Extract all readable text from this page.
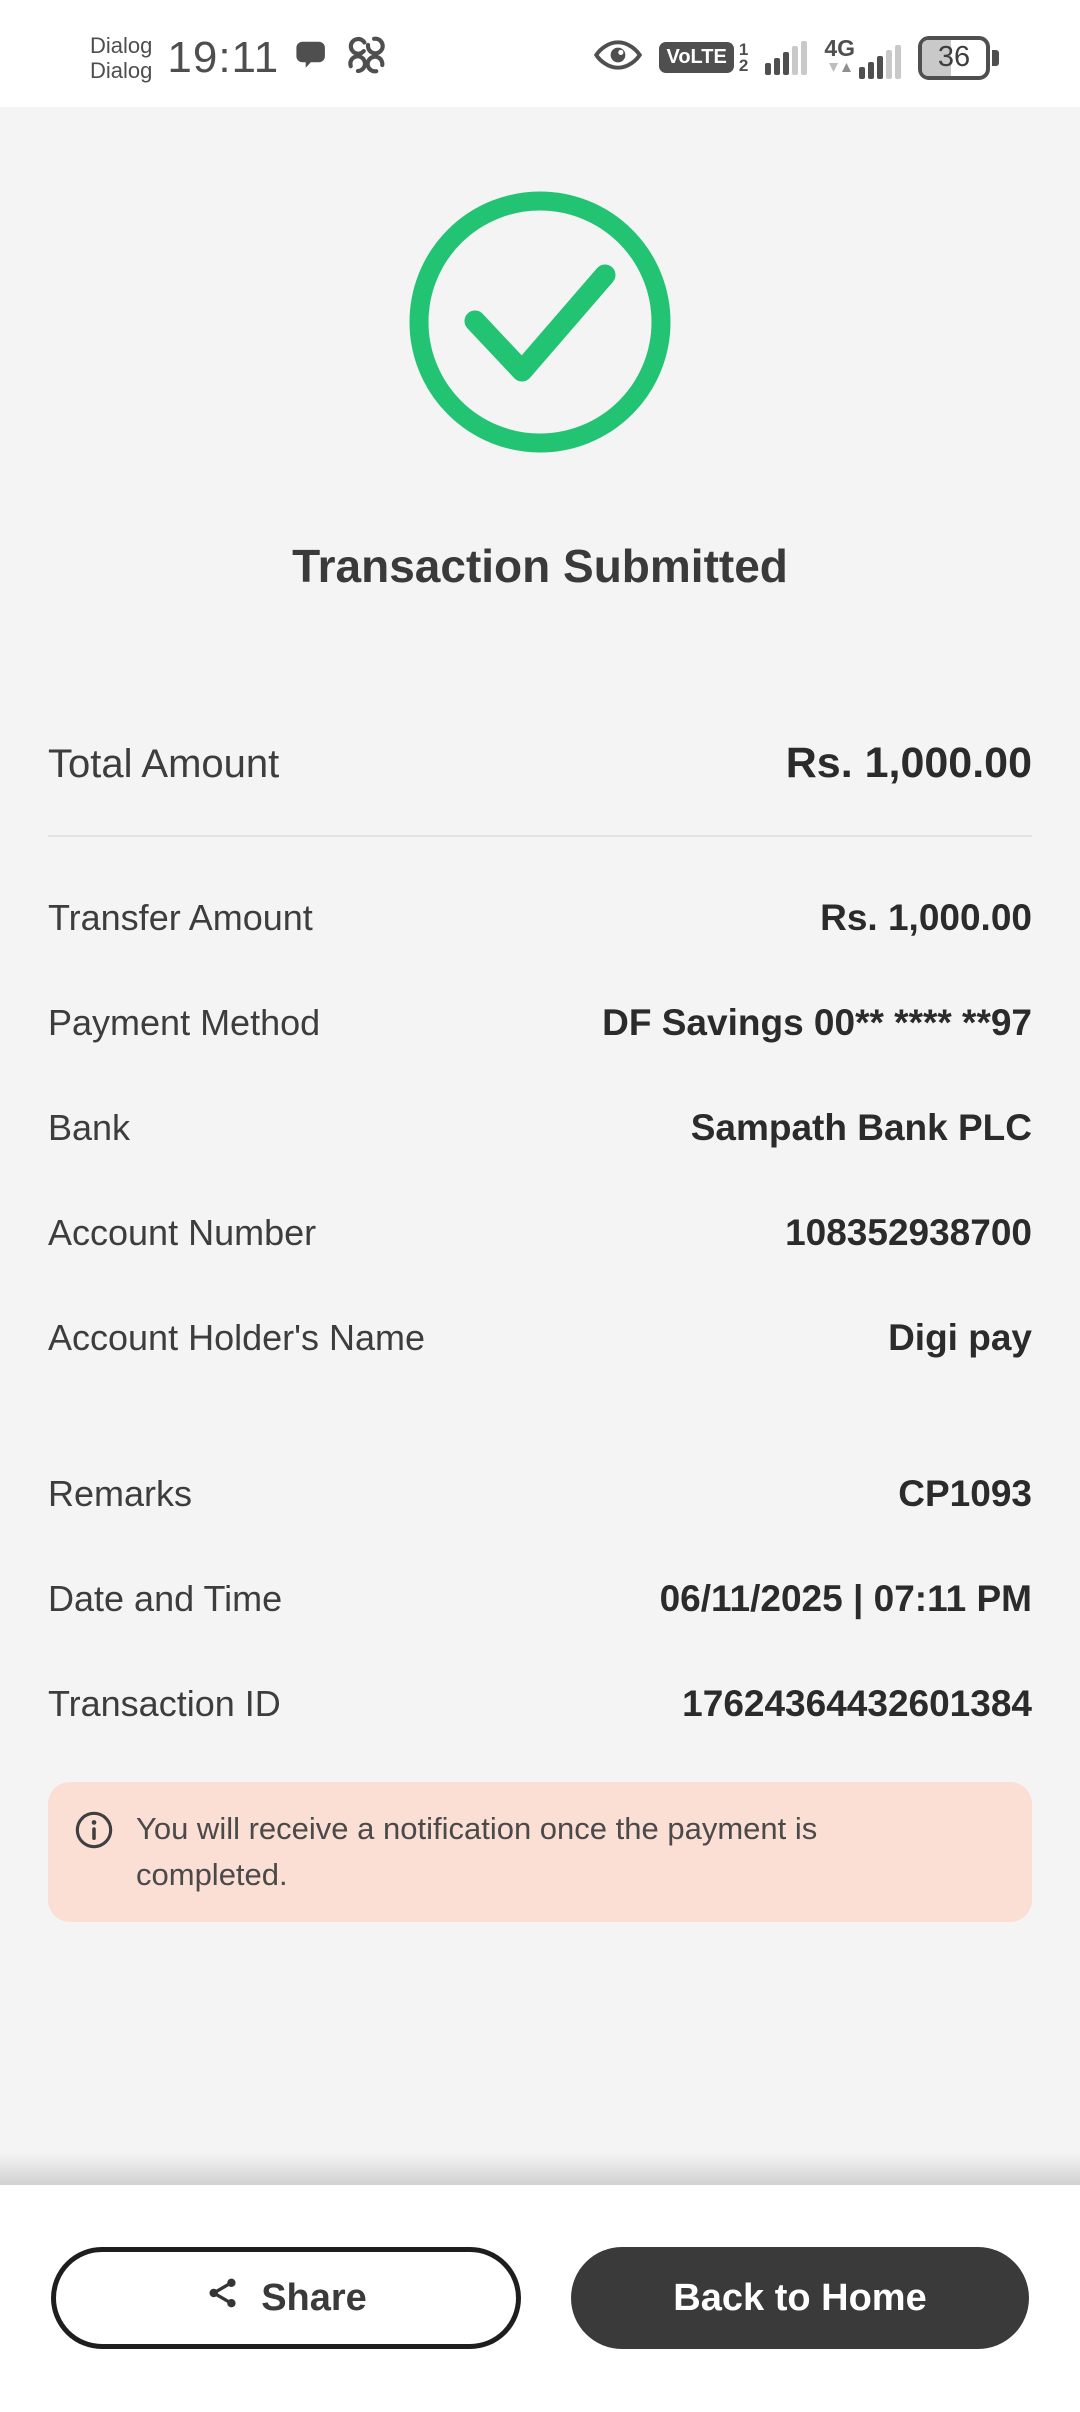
Dialog
Dialog 19:11	VoLTE 1
2
4G	36
Transaction Submitted
Total Amount	Rs. 1,000.00
Transfer Amount	Rs. 1,000.00
Payment Method	DF Savings 00** **** **97
Bank	Sampath Bank PLC
Account Number	108352938700
Account Holder's Name	Digi pay
Remarks	CP1093
Date and Time	06/11/2025 | 07:11 PM
Transaction ID	17624364432601384
You will receive a notification once the payment is completed.
Share	Back to Home
